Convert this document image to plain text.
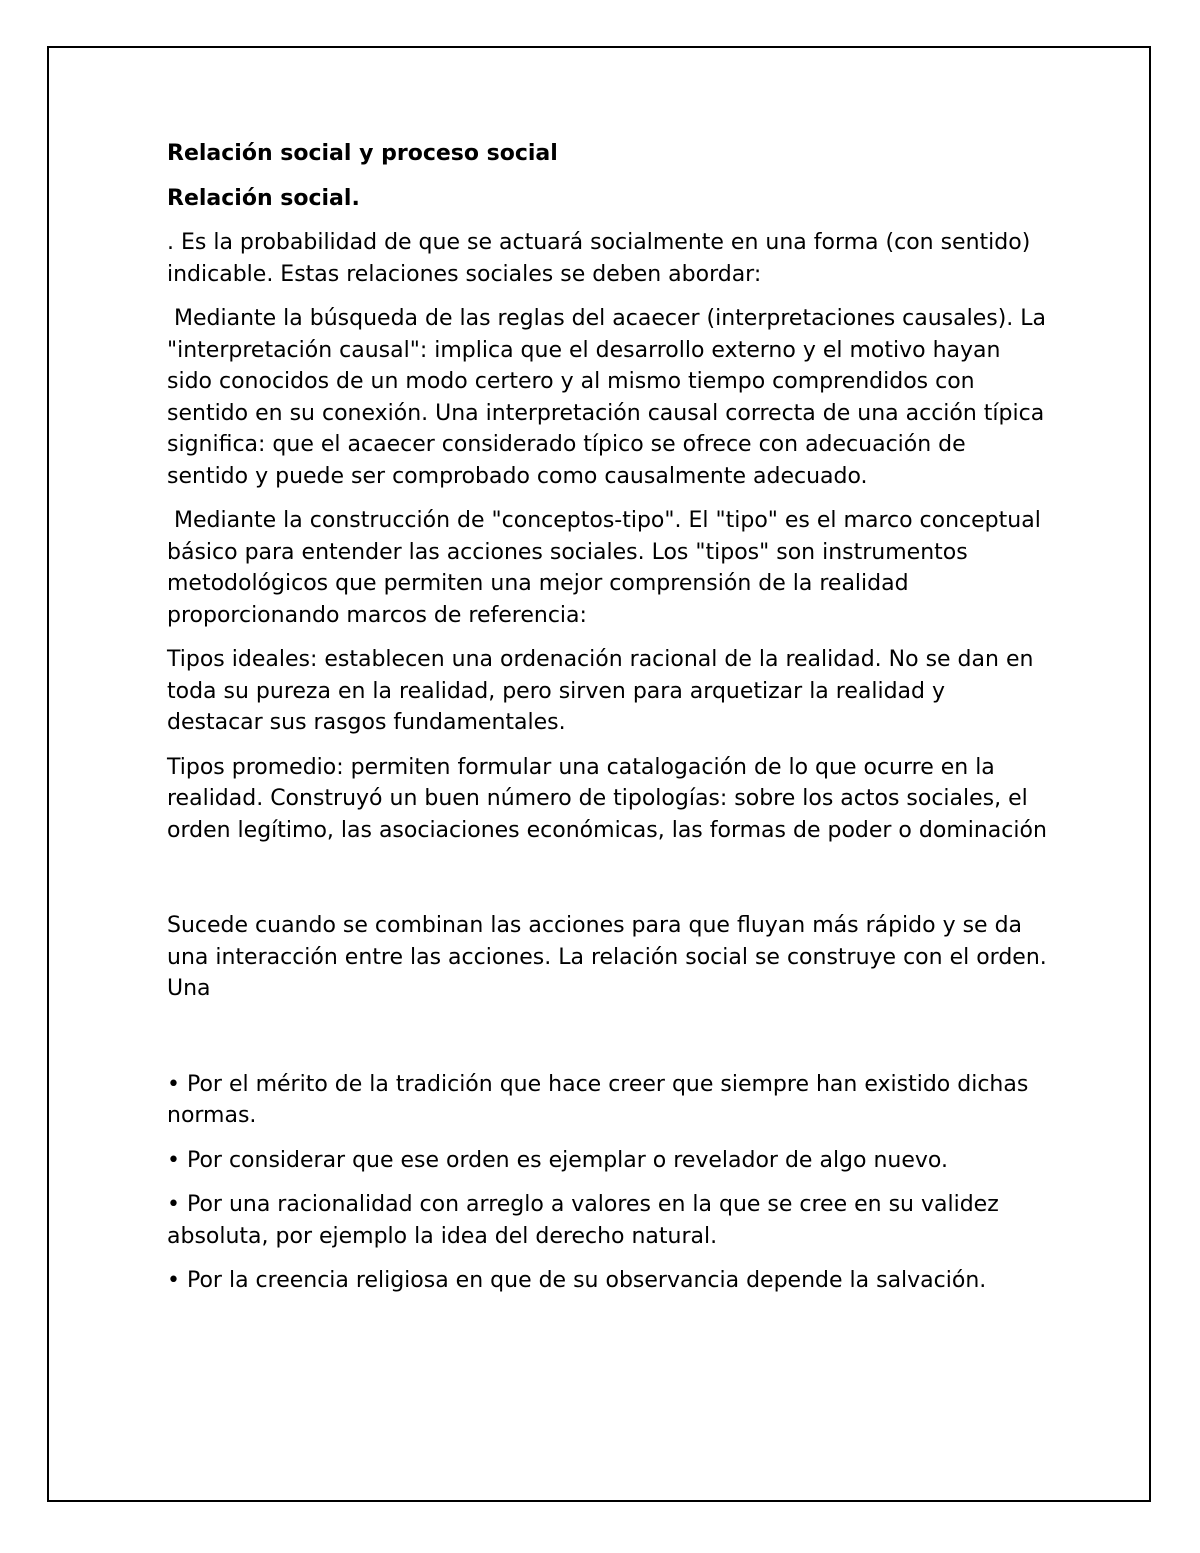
Relación social y proceso social

Relación social.

. Es la probabilidad de que se actuará socialmente en una forma (con sentido) indicable. Estas relaciones sociales se deben abordar:

Mediante la búsqueda de las reglas del acaecer (interpretaciones causales). La "interpretación causal": implica que el desarrollo externo y el motivo hayan sido conocidos de un modo certero y al mismo tiempo comprendidos con sentido en su conexión. Una interpretación causal correcta de una acción típica significa: que el acaecer considerado típico se ofrece con adecuación de sentido y puede ser comprobado como causalmente adecuado.

Mediante la construcción de "conceptos-tipo". El "tipo" es el marco conceptual básico para entender las acciones sociales. Los "tipos" son instrumentos metodológicos que permiten una mejor comprensión de la realidad proporcionando marcos de referencia:

Tipos ideales: establecen una ordenación racional de la realidad. No se dan en toda su pureza en la realidad, pero sirven para arquetizar la realidad y destacar sus rasgos fundamentales.

Tipos promedio: permiten formular una catalogación de lo que ocurre en la realidad. Construyó un buen número de tipologías: sobre los actos sociales, el orden legítimo, las asociaciones económicas, las formas de poder o dominación

Sucede cuando se combinan las acciones para que fluyan más rápido y se da una interacción entre las acciones. La relación social se construye con el orden. Una

• Por el mérito de la tradición que hace creer que siempre han existido dichas normas.

• Por considerar que ese orden es ejemplar o revelador de algo nuevo.

• Por una racionalidad con arreglo a valores en la que se cree en su validez absoluta, por ejemplo la idea del derecho natural.

• Por la creencia religiosa en que de su observancia depende la salvación.
